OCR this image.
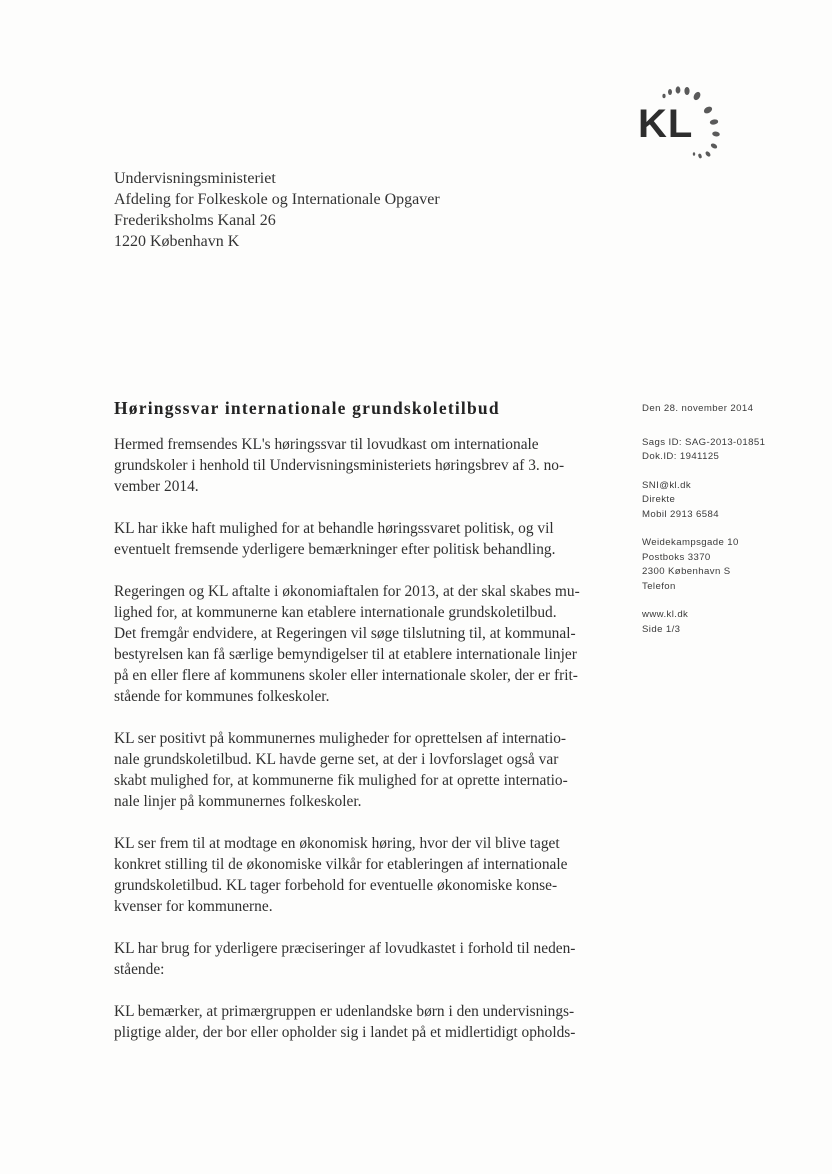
KL
Undervisningsministeriet
Afdeling for Folkeskole og Internationale Opgaver
Frederiksholms Kanal 26
1220 København K
Høringssvar internationale grundskoletilbud

Hermed fremsendes KL's høringssvar til lovudkast om internationale
grundskoler i henhold til Undervisningsministeriets høringsbrev af 3. no-
vember 2014.

KL har ikke haft mulighed for at behandle høringssvaret politisk, og vil
eventuelt fremsende yderligere bemærkninger efter politisk behandling.

Regeringen og KL aftalte i økonomiaftalen for 2013, at der skal skabes mu-
lighed for, at kommunerne kan etablere internationale grundskoletilbud.
Det fremgår endvidere, at Regeringen vil søge tilslutning til, at kommunal-
bestyrelsen kan få særlige bemyndigelser til at etablere internationale linjer
på en eller flere af kommunens skoler eller internationale skoler, der er frit-
stående for kommunes folkeskoler.

KL ser positivt på kommunernes muligheder for oprettelsen af internatio-
nale grundskoletilbud. KL havde gerne set, at der i lovforslaget også var
skabt mulighed for, at kommunerne fik mulighed for at oprette internatio-
nale linjer på kommunernes folkeskoler.

KL ser frem til at modtage en økonomisk høring, hvor der vil blive taget
konkret stilling til de økonomiske vilkår for etableringen af internationale
grundskoletilbud. KL tager forbehold for eventuelle økonomiske konse-
kvenser for kommunerne.

KL har brug for yderligere præciseringer af lovudkastet i forhold til neden-
stående:

KL bemærker, at primærgruppen er udenlandske børn i den undervisnings-
pligtige alder, der bor eller opholder sig i landet på et midlertidigt opholds-

Den 28. november 2014
Sags ID: SAG-2013-01851
Dok.ID: 1941125
SNI@kl.dk
Direkte
Mobil 2913 6584
Weidekampsgade 10
Postboks 3370
2300 København S
Telefon
www.kl.dk
Side 1/3
